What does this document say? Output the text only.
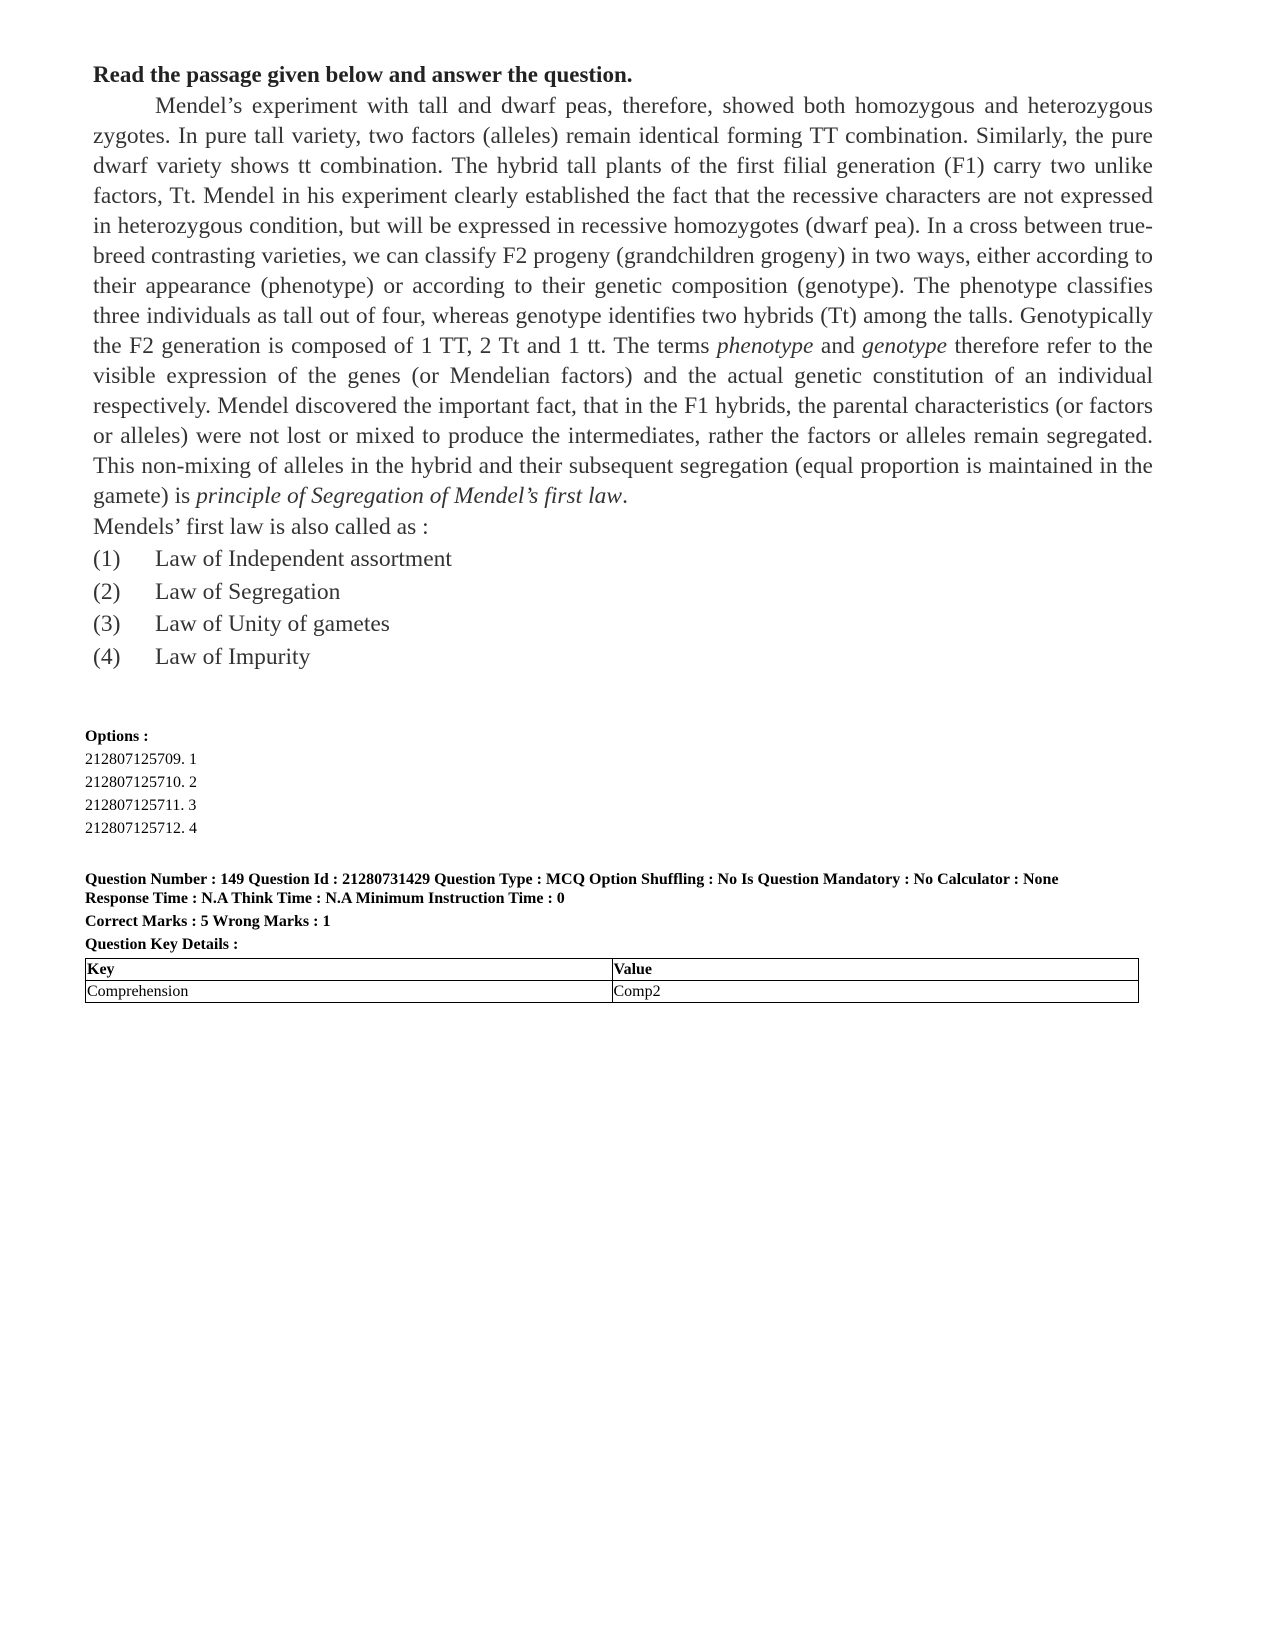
Read the passage given below and answer the question.

Mendel’s experiment with tall and dwarf peas, therefore, showed both homozygous and heterozygous zygotes. In pure tall variety, two factors (alleles) remain identical forming TT combination. Similarly, the pure dwarf variety shows tt combination. The hybrid tall plants of the first filial generation (F1) carry two unlike factors, Tt. Mendel in his experiment clearly established the fact that the recessive characters are not expressed in heterozygous condition, but will be expressed in recessive homozygotes (dwarf pea). In a cross between true-breed contrasting varieties, we can classify F2 progeny (grandchildren grogeny) in two ways, either according to their appearance (phenotype) or according to their genetic composition (genotype). The phenotype classifies three individuals as tall out of four, whereas genotype identifies two hybrids (Tt) among the talls. Genotypically the F2 generation is composed of 1 TT, 2 Tt and 1 tt. The terms phenotype and genotype therefore refer to the visible expression of the genes (or Mendelian factors) and the actual genetic constitution of an individual respectively. Mendel discovered the important fact, that in the F1 hybrids, the parental characteristics (or factors or alleles) were not lost or mixed to produce the intermediates, rather the factors or alleles remain segregated. This non-mixing of alleles in the hybrid and their subsequent segregation (equal proportion is maintained in the gamete) is principle of Segregation of Mendel’s first law.

Mendels’ first law is also called as :
(1)	Law of Independent assortment
(2)	Law of Segregation
(3)	Law of Unity of gametes
(4)	Law of Impurity
Options :
212807125709. 1
212807125710. 2
212807125711. 3
212807125712. 4
Question Number : 149 Question Id : 21280731429 Question Type : MCQ Option Shuffling : No Is Question Mandatory : No Calculator : None
Response Time : N.A Think Time : N.A Minimum Instruction Time : 0
Correct Marks : 5 Wrong Marks : 1
Question Key Details :
Key	Value
Comprehension	Comp2
